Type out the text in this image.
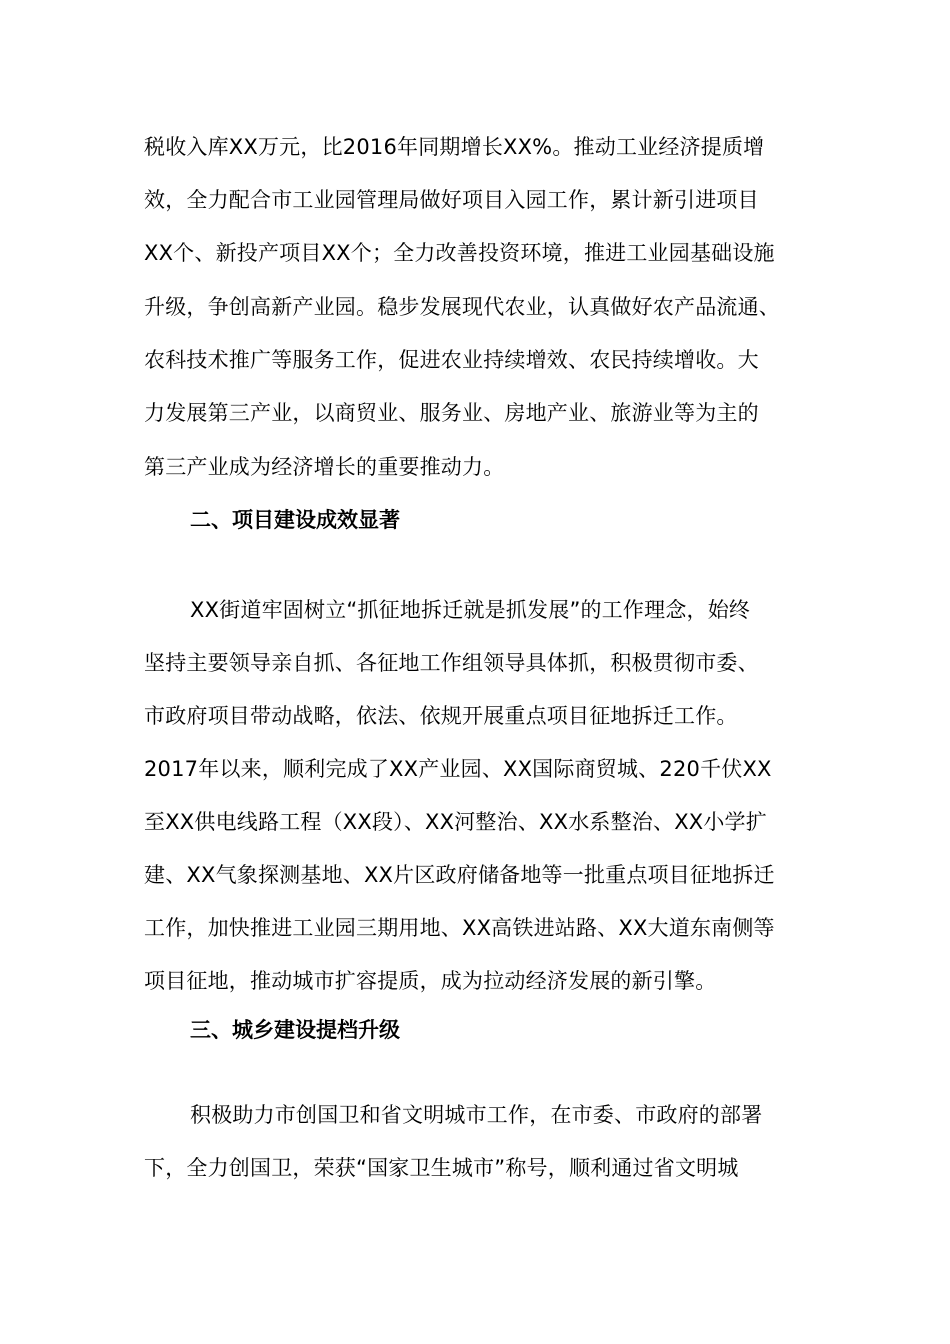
税收入库XX万元，比2016年同期增长XX%。推动工业经济提质增
效，全力配合市工业园管理局做好项目入园工作，累计新引进项目
XX个、新投产项目XX个；全力改善投资环境，推进工业园基础设施
升级，争创高新产业园。稳步发展现代农业，认真做好农产品流通、
农科技术推广等服务工作，促进农业持续增效、农民持续增收。大
力发展第三产业，以商贸业、服务业、房地产业、旅游业等为主的
第三产业成为经济增长的重要推动力。
二、项目建设成效显著
XX街道牢固树立“抓征地拆迁就是抓发展”的工作理念，始终
坚持主要领导亲自抓、各征地工作组领导具体抓，积极贯彻市委、
市政府项目带动战略，依法、依规开展重点项目征地拆迁工作。
2017年以来，顺利完成了XX产业园、XX国际商贸城、220千伏XX
至XX供电线路工程（XX段）、XX河整治、XX水系整治、XX小学扩
建、XX气象探测基地、XX片区政府储备地等一批重点项目征地拆迁
工作，加快推进工业园三期用地、XX高铁进站路、XX大道东南侧等
项目征地，推动城市扩容提质，成为拉动经济发展的新引擎。
三、城乡建设提档升级
积极助力市创国卫和省文明城市工作，在市委、市政府的部署
下，全力创国卫，荣获“国家卫生城市”称号，顺利通过省文明城
